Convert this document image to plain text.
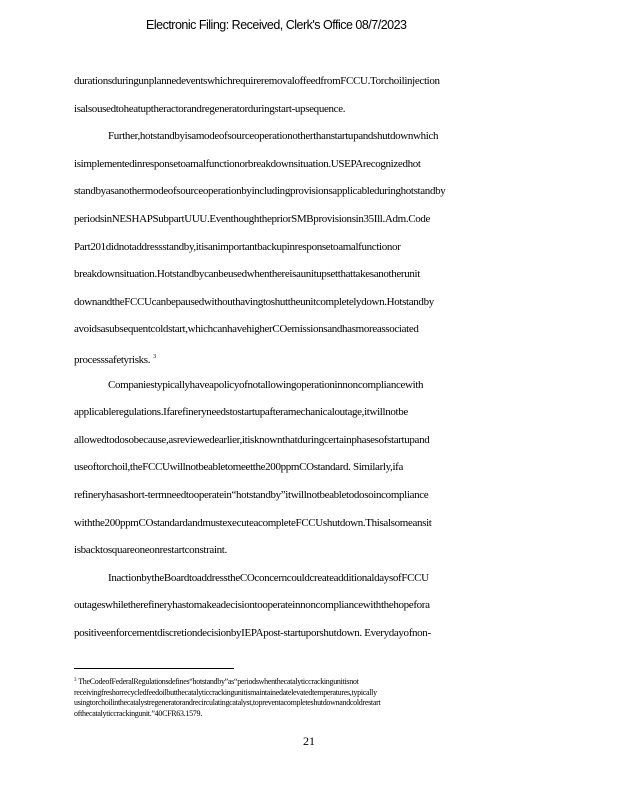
Electronic Filing: Received, Clerk's Office 08/7/2023
durationsduringunplannedeventswhichrequireremovaloffeedfromFCCU.Torchoilinjection
isalsousedtoheatuptheractorandregeneratorduringstart-upsequence.
Further,hotstandbyisamodeofsourceoperationotherthanstartupandshutdownwhich
isimplementedinresponsetoamalfunctionorbreakdownsituation.USEPArecognizedhot
standbyasanothermodeofsourceoperationbyincludingprovisionsapplicableduringhotstandby
periodsinNESHAPSubpartUUU.EventhoughthepriorSMBprovisionsin35Ill.Adm.Code
Part201didnotaddressstandby,itisanimportantbackupinresponsetoamalfunctionor
breakdownsituation.Hotstandbycanbeusedwhenthereisaunitupsetthattakesanotherunit
downandtheFCCUcanbepausedwithouthavingtoshuttheunitcompletelydown.Hotstandby
avoidsasubsequentcoldstart,whichcanhavehigherCOemissionsandhasmoreassociated
processsafetyrisks. $^3$
Companiestypicallyhaveapolicyofnotallowingoperationinnoncompliancewith
applicableregulations.Ifarefineryneedstostartupafteramechanicaloutage,itwillnotbe
allowedtodosobecause,asreviewedearlier,itisknownthatduringcertainphasesofstartupand
useoftorchoil,theFCCUwillnotbeabletomeetthe200ppmCOstandard. Similarly,ifa
refineryhasashort-termneedtooperatein“hotstandby”itwillnotbeabletodosoincompliance
withthe200ppmCOstandardandmustexecuteacompleteFCCUshutdown.Thisalsomeansit
isbacktosquareoneonrestartconstraint.
InactionbytheBoardtoaddresstheCOconcerncouldcreateadditionaldaysofFCCU
outageswhiletherefineryhastomakeadecisiontooperateinnoncompliancewiththehopefora
positiveenforcementdiscretiondecisionbyIEPApost-startuporshutdown. Everydayofnon-
$^3$ TheCodeofFederalRegulationsdefines“hotstandby”as“periodswhenthecatalyticcrackingunitisnot
receivingfreshorrecycledfeedoilbutthecatalyticcrackingunitismaintainedatelevatedtemperatures,typically
usingtorchoilinthecatalystregeneratorandrecirculatingcatalyst,topreventacompleteshutdownandcoldrestart
ofthecatalyticcrackingunit.”40CFR63.1579.
21
